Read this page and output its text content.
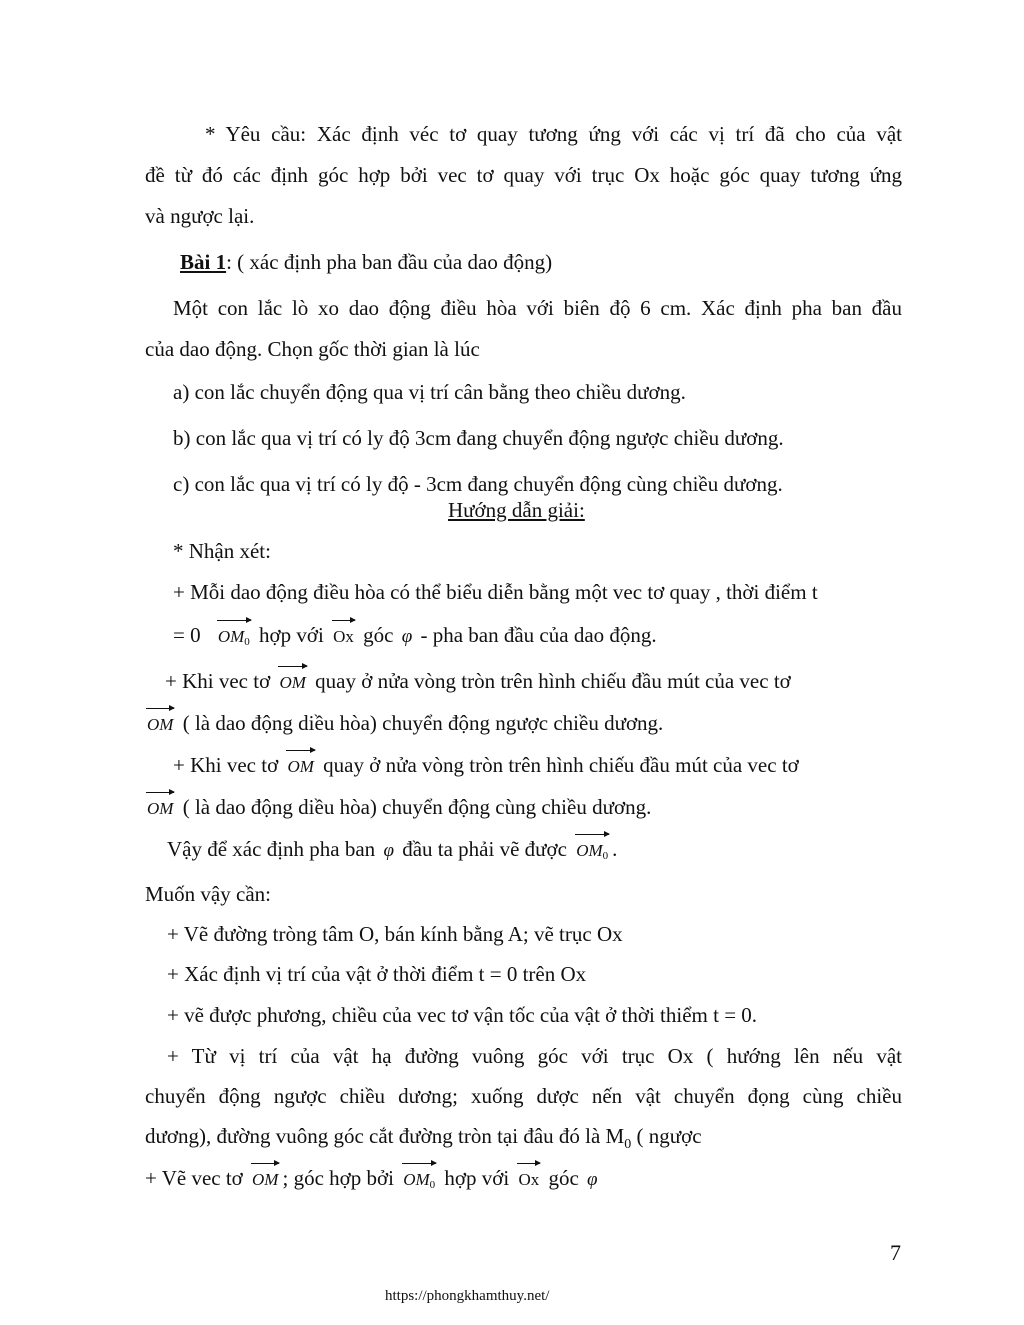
* Yêu cầu: Xác định véc tơ quay tương ứng với các vị trí đã cho của vật
đề từ đó các định góc hợp bởi vec tơ quay với trục Ox hoặc góc quay tương ứng
và ngược lại.
Bài 1: ( xác định pha ban đầu của dao động)
Một con lắc lò xo dao động điều hòa với biên độ 6 cm. Xác định pha ban đầu
của dao động. Chọn gốc thời gian là lúc
a) con lắc chuyển động qua vị trí cân bằng theo chiều dương.
b) con lắc qua vị trí có ly độ 3cm đang chuyển động ngược chiều dương.
c) con lắc qua vị trí có ly độ - 3cm đang chuyển động cùng chiều dương.
Hướng dẫn giải:
* Nhận xét:
+ Mỗi dao động điều hòa có thể biểu diễn bằng một vec tơ quay , thời điểm t
= 0 $OM_0$ hợp với Ox góc φ - pha ban đầu của dao động.
+ Khi vec tơ OM quay ở nửa vòng tròn trên hình chiếu đầu mút của vec tơ
OM ( là dao động diều hòa) chuyển động ngược chiều dương.
+ Khi vec tơ OM quay ở nửa vòng tròn trên hình chiếu đầu mút của vec tơ
OM ( là dao động diều hòa) chuyển động cùng chiều dương.
Vậy để xác định pha ban φ đầu ta phải vẽ được $OM_0$ .
Muốn vậy cần:
+ Vẽ đường tròng tâm O, bán kính bằng A; vẽ trục Ox
+ Xác định vị trí của vật ở thời điểm t = 0 trên Ox
+ vẽ được phương, chiều của vec tơ vận tốc của vật ở thời thiểm t = 0.
+ Từ vị trí của vật hạ đường vuông góc với trục Ox ( hướng lên nếu vật
chuyển động ngược chiều dương; xuống dược nến vật chuyển đọng cùng chiều
dương), đường vuông góc cắt đường tròn tại đâu đó là $M_0$ ( ngược
+ Vẽ vec tơ OM ; góc hợp bởi $OM_0$ hợp với Ox góc φ
7
https://phongkhamthuy.net/
